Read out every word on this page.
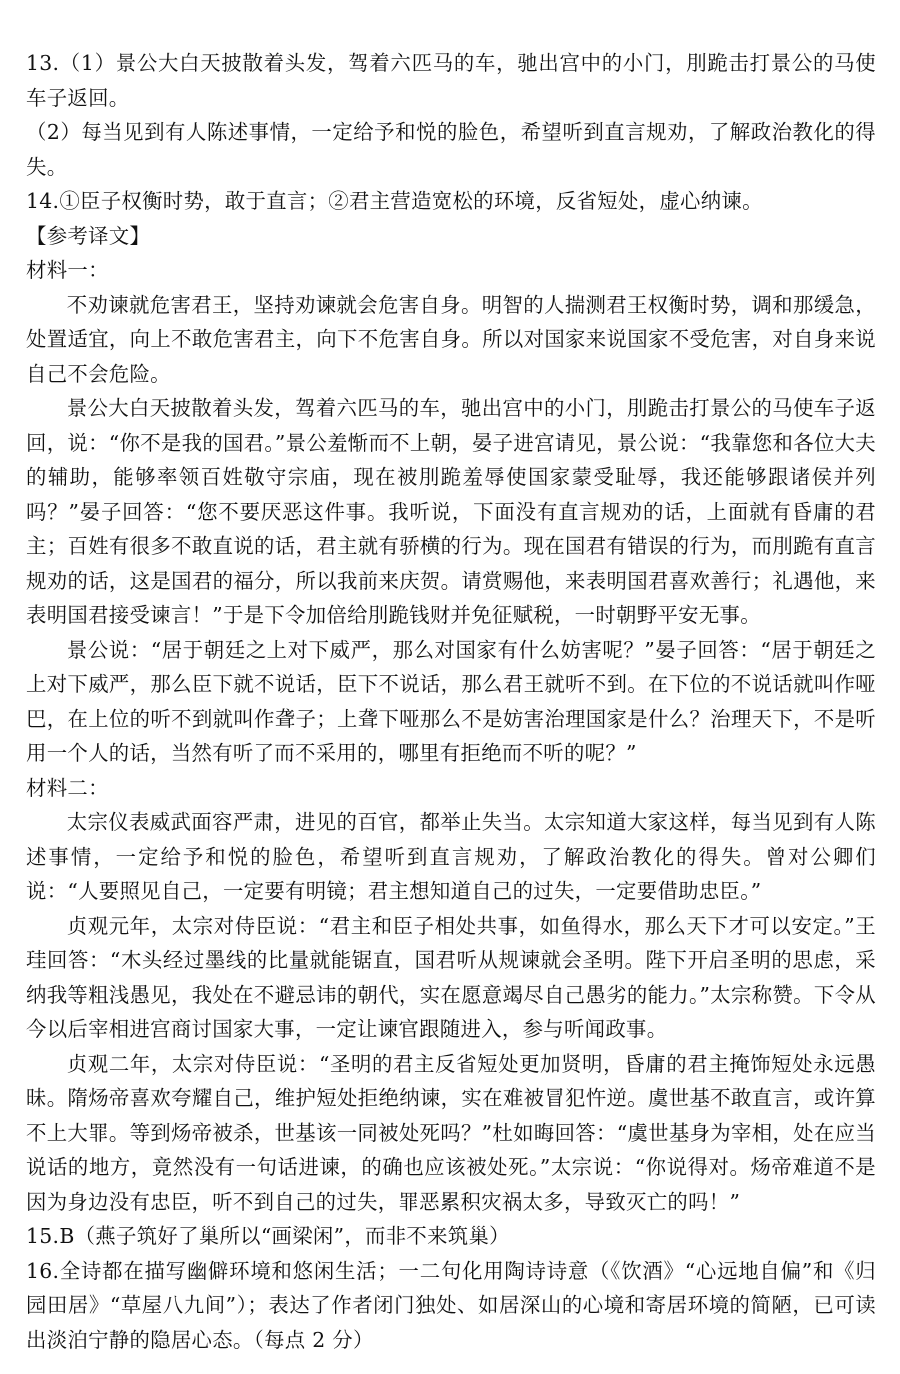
13.（1）景公大白天披散着头发，驾着六匹马的车，驰出宫中的小门，刖跪击打景公的马使车子返回。

（2）每当见到有人陈述事情，一定给予和悦的脸色，希望听到直言规劝，了解政治教化的得失。

14.①臣子权衡时势，敢于直言；②君主营造宽松的环境，反省短处，虚心纳谏。

【参考译文】

材料一：

不劝谏就危害君王，坚持劝谏就会危害自身。明智的人揣测君王权衡时势，调和那缓急，处置适宜，向上不敢危害君主，向下不危害自身。所以对国家来说国家不受危害，对自身来说自己不会危险。

景公大白天披散着头发，驾着六匹马的车，驰出宫中的小门，刖跪击打景公的马使车子返回，说：“你不是我的国君。”景公羞惭而不上朝，晏子进宫请见，景公说：“我靠您和各位大夫的辅助，能够率领百姓敬守宗庙，现在被刖跪羞辱使国家蒙受耻辱，我还能够跟诸侯并列吗？”晏子回答：“您不要厌恶这件事。我听说，下面没有直言规劝的话，上面就有昏庸的君主；百姓有很多不敢直说的话，君主就有骄横的行为。现在国君有错误的行为，而刖跪有直言规劝的话，这是国君的福分，所以我前来庆贺。请赏赐他，来表明国君喜欢善行；礼遇他，来表明国君接受谏言！”于是下令加倍给刖跪钱财并免征赋税，一时朝野平安无事。

景公说：“居于朝廷之上对下威严，那么对国家有什么妨害呢？”晏子回答：“居于朝廷之上对下威严，那么臣下就不说话，臣下不说话，那么君王就听不到。在下位的不说话就叫作哑巴，在上位的听不到就叫作聋子；上聋下哑那么不是妨害治理国家是什么？治理天下，不是听用一个人的话，当然有听了而不采用的，哪里有拒绝而不听的呢？”

材料二：

太宗仪表威武面容严肃，进见的百官，都举止失当。太宗知道大家这样，每当见到有人陈述事情，一定给予和悦的脸色，希望听到直言规劝，了解政治教化的得失。曾对公卿们说：“人要照见自己，一定要有明镜；君主想知道自己的过失，一定要借助忠臣。”

贞观元年，太宗对侍臣说：“君主和臣子相处共事，如鱼得水，那么天下才可以安定。”王珪回答：“木头经过墨线的比量就能锯直，国君听从规谏就会圣明。陛下开启圣明的思虑，采纳我等粗浅愚见，我处在不避忌讳的朝代，实在愿意竭尽自己愚劣的能力。”太宗称赞。下令从今以后宰相进宫商讨国家大事，一定让谏官跟随进入，参与听闻政事。

贞观二年，太宗对侍臣说：“圣明的君主反省短处更加贤明，昏庸的君主掩饰短处永远愚昧。隋炀帝喜欢夸耀自己，维护短处拒绝纳谏，实在难被冒犯忤逆。虞世基不敢直言，或许算不上大罪。等到炀帝被杀，世基该一同被处死吗？”杜如晦回答：“虞世基身为宰相，处在应当说话的地方，竟然没有一句话进谏，的确也应该被处死。”太宗说：“你说得对。炀帝难道不是因为身边没有忠臣，听不到自己的过失，罪恶累积灾祸太多，导致灭亡的吗！”

15.B（燕子筑好了巢所以“画梁闲”，而非不来筑巢）

16.全诗都在描写幽僻环境和悠闲生活；一二句化用陶诗诗意（《饮酒》“心远地自偏”和《归园田居》“草屋八九间”）；表达了作者闭门独处、如居深山的心境和寄居环境的简陋，已可读出淡泊宁静的隐居心态。（每点 2 分）
